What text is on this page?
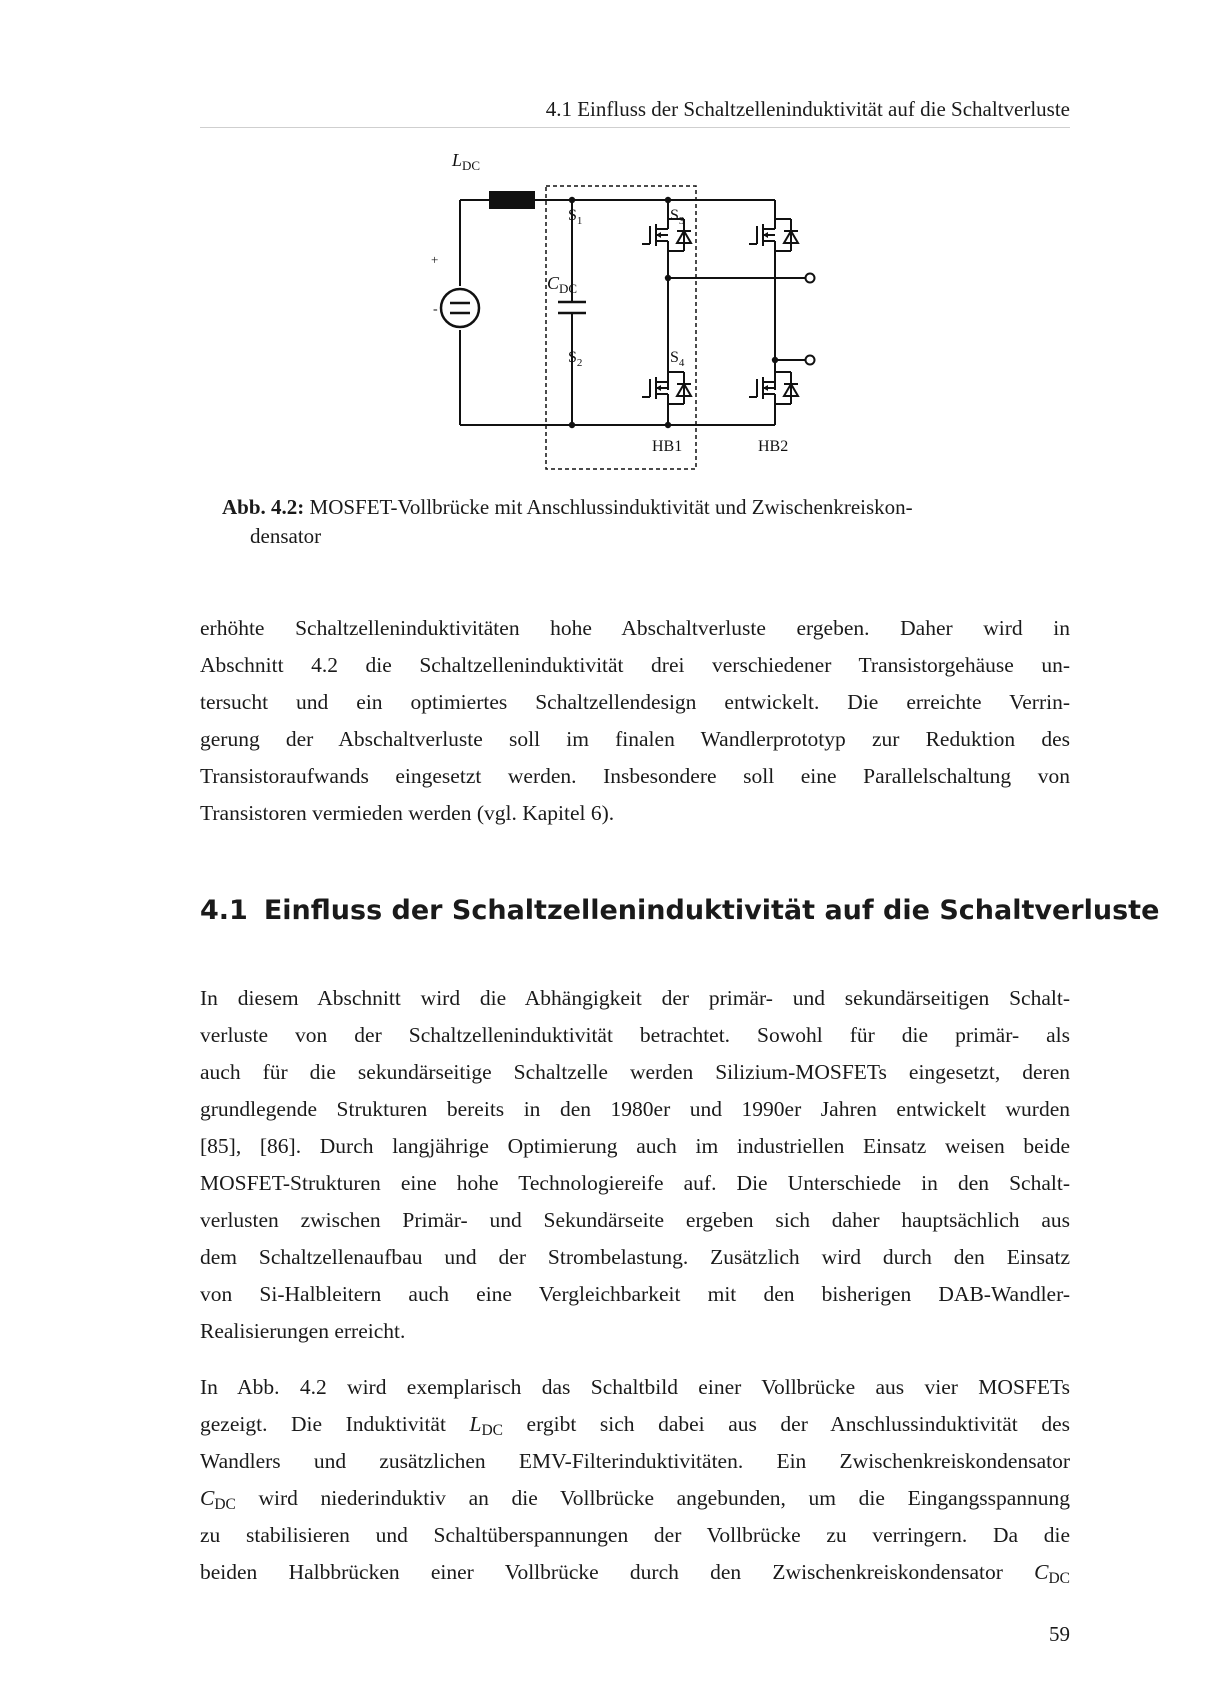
4.1 Einfluss der Schaltzelleninduktivität auf die Schaltverluste
$L_{DC}$
$C_{DC}$
+
-
$S_1$	$S_3$
$S_2$	$S_4$
HB1	HB2
Abb. 4.2: MOSFET-Vollbrücke mit Anschlussinduktivität und Zwischenkreiskon-
densator

erhöhte Schaltzelleninduktivitäten hohe Abschaltverluste ergeben. Daher wird in
Abschnitt 4.2 die Schaltzelleninduktivität drei verschiedener Transistorgehäuse un-
tersucht und ein optimiertes Schaltzellendesign entwickelt. Die erreichte Verrin-
gerung der Abschaltverluste soll im finalen Wandlerprototyp zur Reduktion des
Transistoraufwands eingesetzt werden. Insbesondere soll eine Parallelschaltung von
Transistoren vermieden werden (vgl. Kapitel 6).

4.1 Einfluss der Schaltzelleninduktivität auf die Schaltverluste

In diesem Abschnitt wird die Abhängigkeit der primär- und sekundärseitigen Schalt-
verluste von der Schaltzelleninduktivität betrachtet. Sowohl für die primär- als
auch für die sekundärseitige Schaltzelle werden Silizium-MOSFETs eingesetzt, deren
grundlegende Strukturen bereits in den 1980er und 1990er Jahren entwickelt wurden
[85], [86]. Durch langjährige Optimierung auch im industriellen Einsatz weisen beide
MOSFET-Strukturen eine hohe Technologiereife auf. Die Unterschiede in den Schalt-
verlusten zwischen Primär- und Sekundärseite ergeben sich daher hauptsächlich aus
dem Schaltzellenaufbau und der Strombelastung. Zusätzlich wird durch den Einsatz
von Si-Halbleitern auch eine Vergleichbarkeit mit den bisherigen DAB-Wandler-
Realisierungen erreicht.

In Abb. 4.2 wird exemplarisch das Schaltbild einer Vollbrücke aus vier MOSFETs
gezeigt. Die Induktivität $L_{DC}$ ergibt sich dabei aus der Anschlussinduktivität des
Wandlers und zusätzlichen EMV-Filterinduktivitäten. Ein Zwischenkreiskondensator
$C_{DC}$ wird niederinduktiv an die Vollbrücke angebunden, um die Eingangsspannung
zu stabilisieren und Schaltüberspannungen der Vollbrücke zu verringern. Da die
beiden Halbbrücken einer Vollbrücke durch den Zwischenkreiskondensator $C_{DC}$

59
